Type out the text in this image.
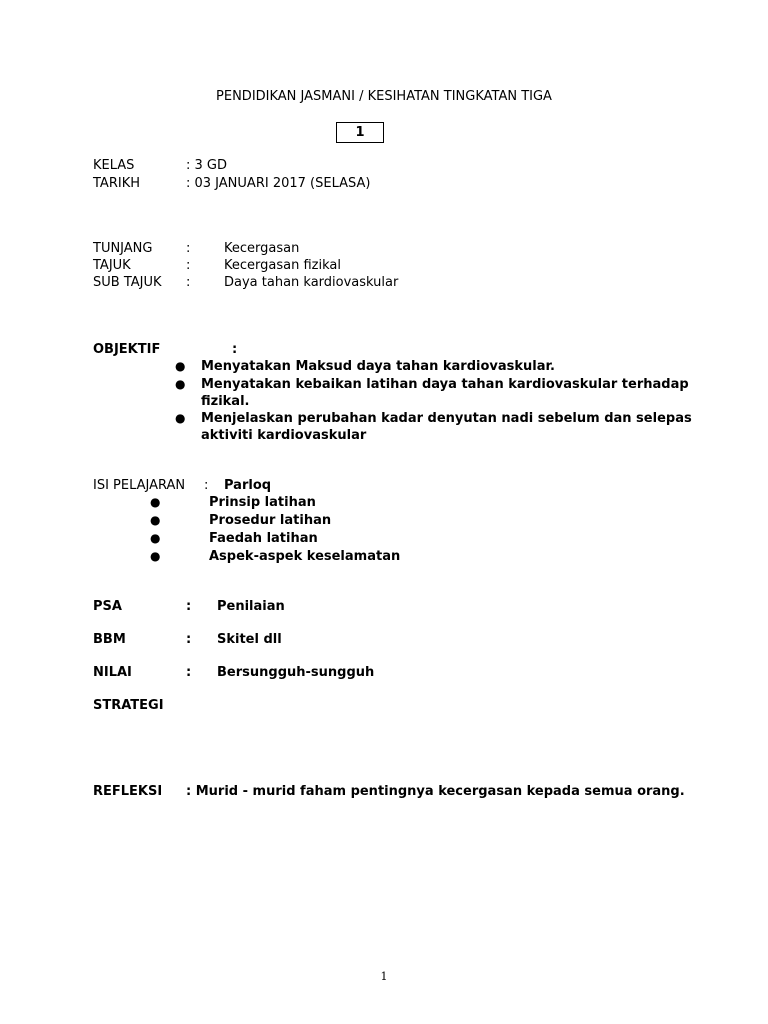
PENDIDIKAN JASMANI / KESIHATAN TINGKATAN TIGA
1
KELAS	: 3 GD
TARIKH	: 03 JANUARI 2017 (SELASA)
TUNJANG	:	Kecergasan
TAJUK	:	Kecergasan fizikal
SUB TAJUK :	Daya tahan kardiovaskular
OBJEKTIF	:
● Menyatakan Maksud daya tahan kardiovaskular.
● Menyatakan kebaikan latihan daya tahan kardiovaskular terhadap
fizikal.
● Menjelaskan perubahan kadar denyutan nadi sebelum dan selepas
aktiviti kardiovaskular
ISI PELAJARAN : Parloq
●	Prinsip latihan
●	Prosedur latihan
●	Faedah latihan
●	Aspek-aspek keselamatan
PSA	: Penilaian
BBM	: Skitel dll
NILAI	: Bersungguh-sungguh
STRATEGI
REFLEKSI : Murid - murid faham pentingnya kecergasan kepada semua orang.
1
